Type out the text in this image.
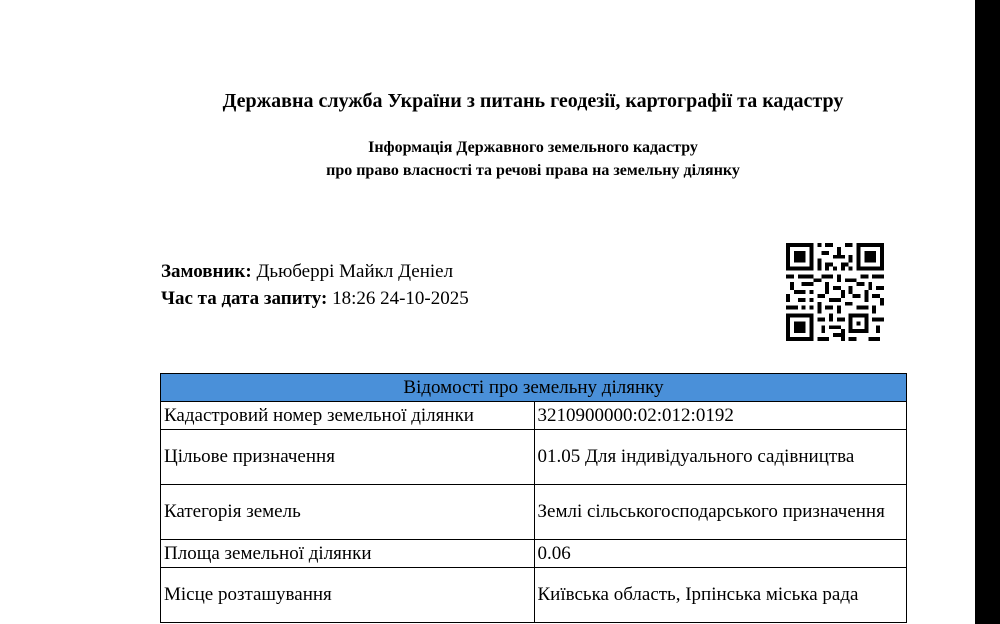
Державна служба України з питань геодезії, картографії та кадастру
Інформація Державного земельного кадастру
про право власності та речові права на земельну ділянку
Замовник: Дьюберрі Майкл Деніел
Час та дата запиту: 18:26 24-10-2025
Відомості про земельну ділянку	
Кадастровий номер земельної ділянки	3210900000:02:012:0192
Цільове призначення	01.05 Для індивідуального садівництва
Категорія земель	Землі сільськогосподарського призначення
Площа земельної ділянки	0.06
Місце розташування	Київська область, Ірпінська міська рада
